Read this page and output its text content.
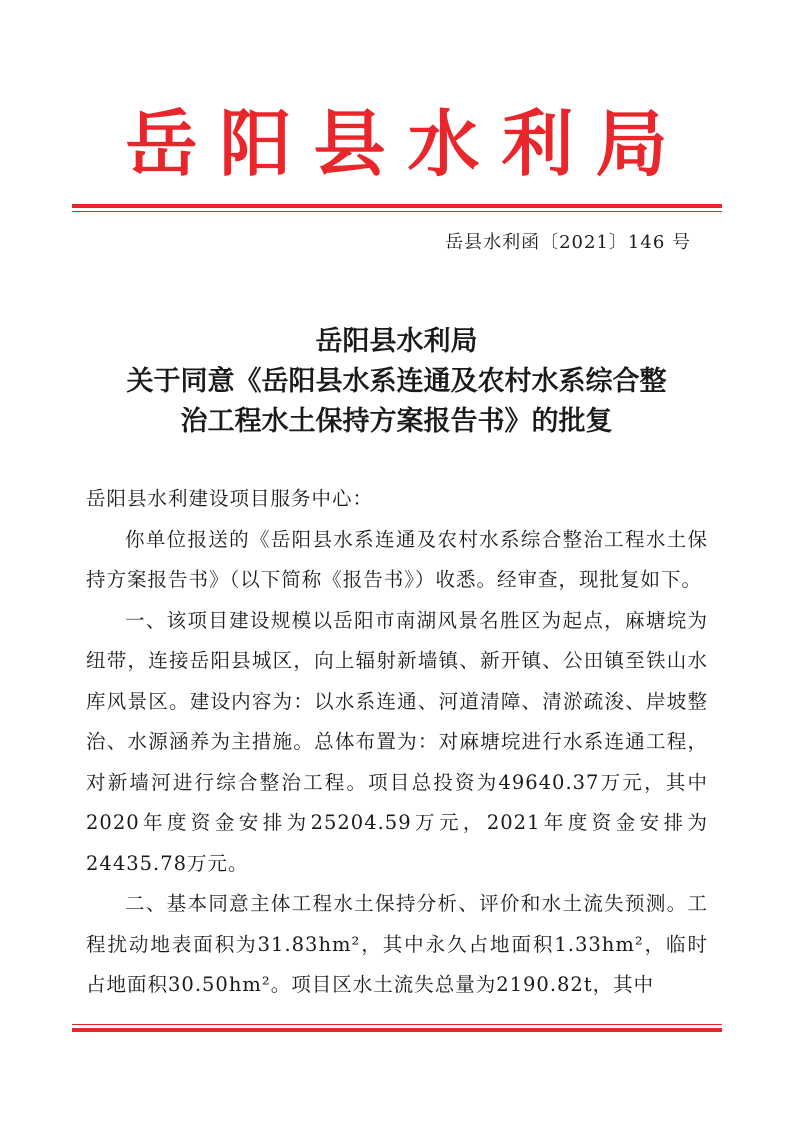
岳阳县水利局
岳县水利函〔2021〕146 号
岳阳县水利局
关于同意《岳阳县水系连通及农村水系综合整
治工程水土保持方案报告书》的批复

岳阳县水利建设项目服务中心：

你单位报送的《岳阳县水系连通及农村水系综合整治工程水土保持方案报告书》（以下简称《报告书》）收悉。经审查，现批复如下。

一、该项目建设规模以岳阳市南湖风景名胜区为起点，麻塘垸为纽带，连接岳阳县城区，向上辐射新墙镇、新开镇、公田镇至铁山水库风景区。建设内容为：以水系连通、河道清障、清淤疏浚、岸坡整治、水源涵养为主措施。总体布置为：对麻塘垸进行水系连通工程，对新墙河进行综合整治工程。项目总投资为49640.37万元，其中2020年度资金安排为25204.59万元，2021年度资金安排为24435.78万元。

二、基本同意主体工程水土保持分析、评价和水土流失预测。工程扰动地表面积为31.83hm²，其中永久占地面积1.33hm²，临时占地面积30.50hm²。项目区水土流失总量为2190.82t，其中
